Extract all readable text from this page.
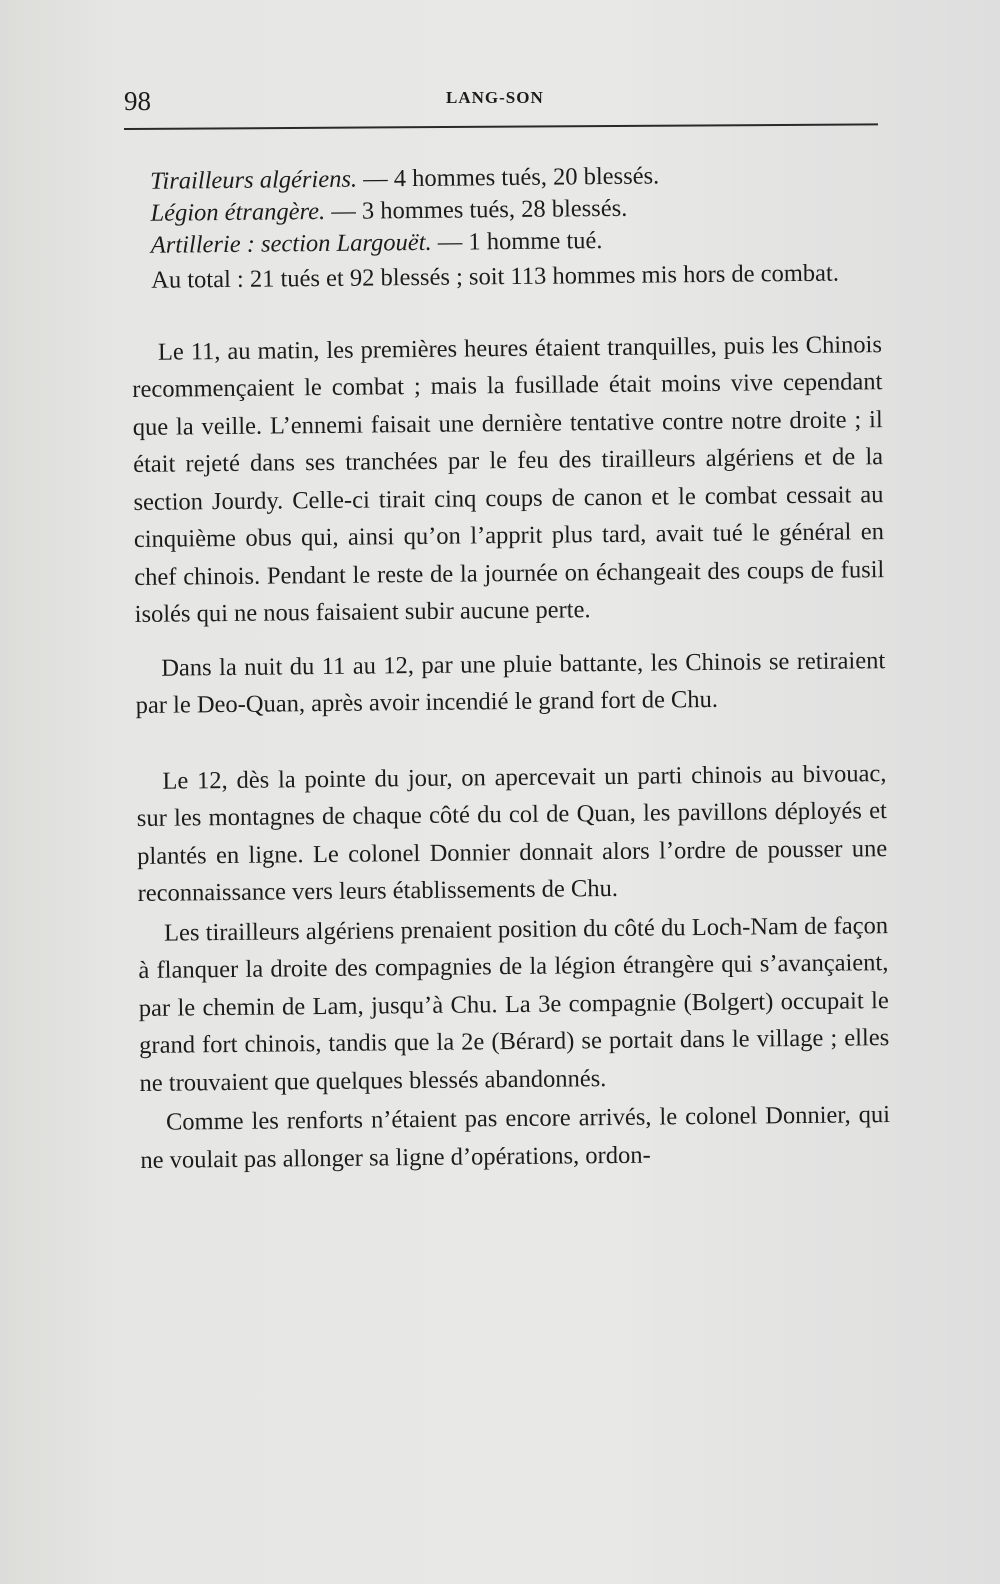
98	LANG-SON

Tirailleurs algériens. — 4 hommes tués, 20 blessés.

Légion étrangère. — 3 hommes tués, 28 blessés.

Artillerie : section Largouët. — 1 homme tué.

Au total : 21 tués et 92 blessés ; soit 113 hommes mis hors de combat.

Le 11, au matin, les premières heures étaient tranquilles, puis les Chinois recommençaient le combat ; mais la fusillade était moins vive cependant que la veille. L’ennemi faisait une dernière tentative contre notre droite ; il était rejeté dans ses tranchées par le feu des tirailleurs algériens et de la section Jourdy. Celle-ci tirait cinq coups de canon et le combat cessait au cinquième obus qui, ainsi qu’on l’apprit plus tard, avait tué le général en chef chinois. Pendant le reste de la journée on échangeait des coups de fusil isolés qui ne nous faisaient subir aucune perte.

Dans la nuit du 11 au 12, par une pluie battante, les Chinois se retiraient par le Deo-Quan, après avoir incendié le grand fort de Chu.

Le 12, dès la pointe du jour, on apercevait un parti chinois au bivouac, sur les montagnes de chaque côté du col de Quan, les pavillons déployés et plantés en ligne. Le colonel Donnier donnait alors l’ordre de pousser une reconnaissance vers leurs établissements de Chu.

Les tirailleurs algériens prenaient position du côté du Loch-Nam de façon à flanquer la droite des compagnies de la légion étrangère qui s’avançaient, par le chemin de Lam, jusqu’à Chu. La 3e compagnie (Bolgert) occupait le grand fort chinois, tandis que la 2e (Bérard) se portait dans le village ; elles ne trouvaient que quelques blessés abandonnés.

Comme les renforts n’étaient pas encore arrivés, le colonel Donnier, qui ne voulait pas allonger sa ligne d’opérations, ordon-
